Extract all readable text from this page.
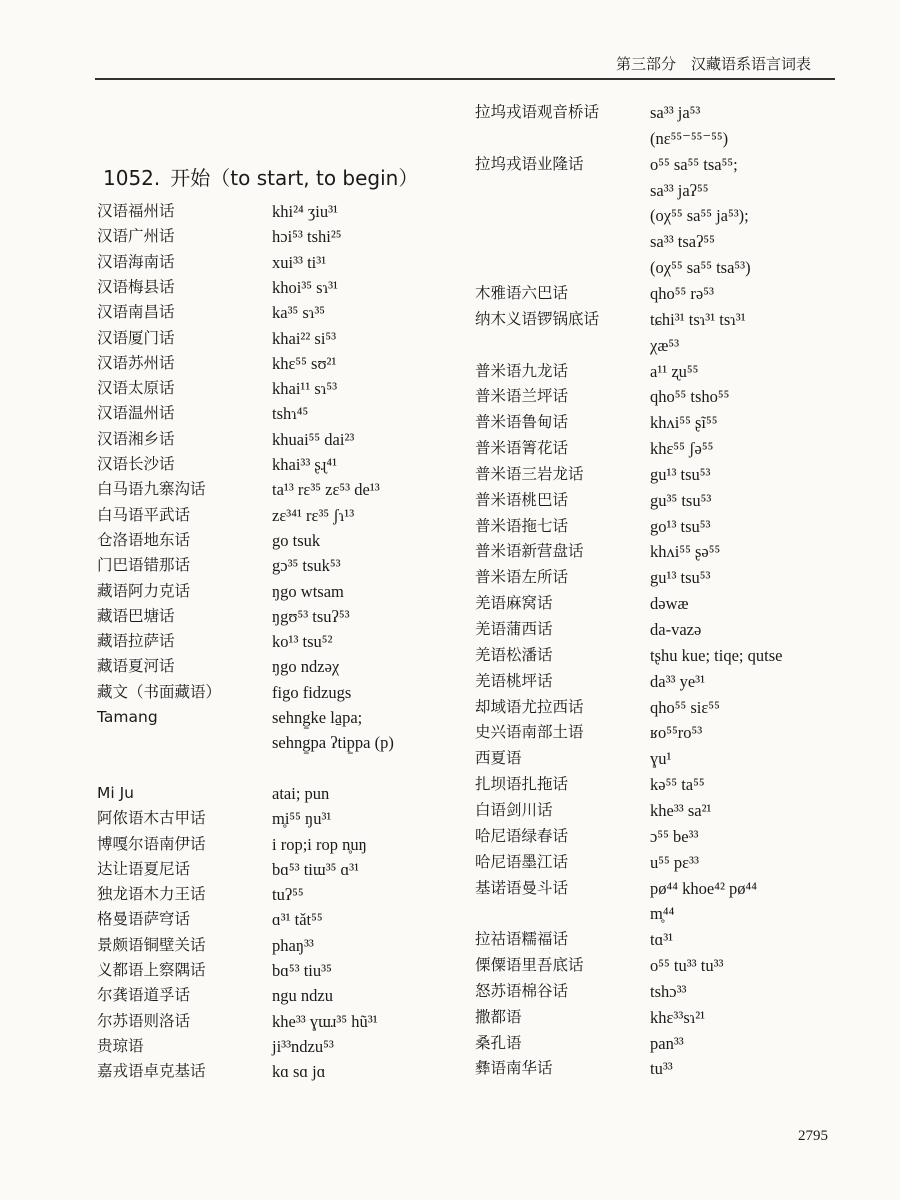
第三部分　汉藏语系语言词表
1052. 开始（to start, to begin）
汉语福州话	khi²⁴ ʒiu³¹
汉语广州话	hɔi⁵³ tshi²⁵
汉语海南话	xui³³ ti³¹
汉语梅县话	khoi³⁵ sɿ³¹
汉语南昌话	ka³⁵ sɿ³⁵
汉语厦门话	khai²² si⁵³
汉语苏州话	khɛ⁵⁵ sʊ²¹
汉语太原话	khai¹¹ sɿ⁵³
汉语温州话	tshɿ⁴⁵
汉语湘乡话	khuai⁵⁵ dai²³
汉语长沙话	khai³³ ʂɻ⁴¹
白马语九寨沟话	ta¹³ rɛ³⁵ zɛ⁵³ de¹³
白马语平武话	zɛ³⁴¹ rɛ³⁵ ʃɿ¹³
仓洛语地东话	go tsuk
门巴语错那话	gɔ³⁵ tsuk⁵³
藏语阿力克话	ŋgo wtsam
藏语巴塘话	ŋgʊ⁵³ tsuʔ⁵³
藏语拉萨话	ko¹³ tsu⁵²
藏语夏河话	ŋgo ndzəχ
藏文（书面藏语）	figo fidzugs
Tamang	sehng̱ke la̱pa;
sehng̱pa ʔtip̱pa (p)
Mi Ju	atai; pun
阿侬语木古甲话	m̥i⁵⁵ ŋu³¹
博嘎尔语南伊话	i rop;i rop n̥uŋ
达让语夏尼话	bɑ⁵³ tiɯ³⁵ ɑ³¹
独龙语木力王话	tuʔ⁵⁵
格曼语萨穹话	ɑ³¹ tǎt⁵⁵
景颇语铜壁关话	phaŋ³³
义都语上察隅话	bɑ⁵³ tiu³⁵
尔龚语道孚话	ngu ndzu
尔苏语则洛话	khe³³ ɣɯɹ³⁵ hũ³¹
贵琼语	ji³³ndzu⁵³
嘉戎语卓克基话	kɑ sɑ jɑ
拉坞戎语观音桥话	sa³³ ja⁵³
(nɛ⁵⁵⁻⁵⁵⁻⁵⁵)
拉坞戎语业隆话	o⁵⁵ sa⁵⁵ tsa⁵⁵;
sa³³ jaʔ⁵⁵
(oχ⁵⁵ sa⁵⁵ ja⁵³);
sa³³ tsaʔ⁵⁵
(oχ⁵⁵ sa⁵⁵ tsa⁵³)
木雅语六巴话	qho⁵⁵ rə⁵³
纳木义语锣锅底话	tɕhi³¹ tsɿ³¹ tsɿ³¹
χæ⁵³
普米语九龙话	a¹¹ ʐu⁵⁵
普米语兰坪话	qho⁵⁵ tsho⁵⁵
普米语鲁甸话	khʌi⁵⁵ ʂĩ⁵⁵
普米语箐花话	khɛ⁵⁵ ʃə⁵⁵
普米语三岩龙话	gu¹³ tsu⁵³
普米语桃巴话	gu³⁵ tsu⁵³
普米语拖七话	go¹³ tsu⁵³
普米语新营盘话	khʌi⁵⁵ ʂə⁵⁵
普米语左所话	gu¹³ tsu⁵³
羌语麻窝话	dəwæ
羌语蒲西话	da-vazə
羌语松潘话	tʂhu kue; tiqe; qutse
羌语桃坪话	da³³ ye³¹
却域语尤拉西话	qho⁵⁵ siɛ⁵⁵
史兴语南部土语	ʁo⁵⁵ro⁵³
西夏语	ɣu¹
扎坝语扎拖话	kə⁵⁵ ta⁵⁵
白语剑川话	khe³³ sa²¹
哈尼语绿春话	ɔ⁵⁵ be³³
哈尼语墨江话	u⁵⁵ pɛ³³
基诺语曼斗话	pø⁴⁴ khoe⁴² pø⁴⁴
m̥⁴⁴
拉祜语糯福话	tɑ³¹
傈僳语里吾底话	o⁵⁵ tu³³ tu³³
怒苏语棉谷话	tshɔ³³
撒都语	khɛ³³sɿ²¹
桑孔语	pan³³
彝语南华话	tu³³
2795
